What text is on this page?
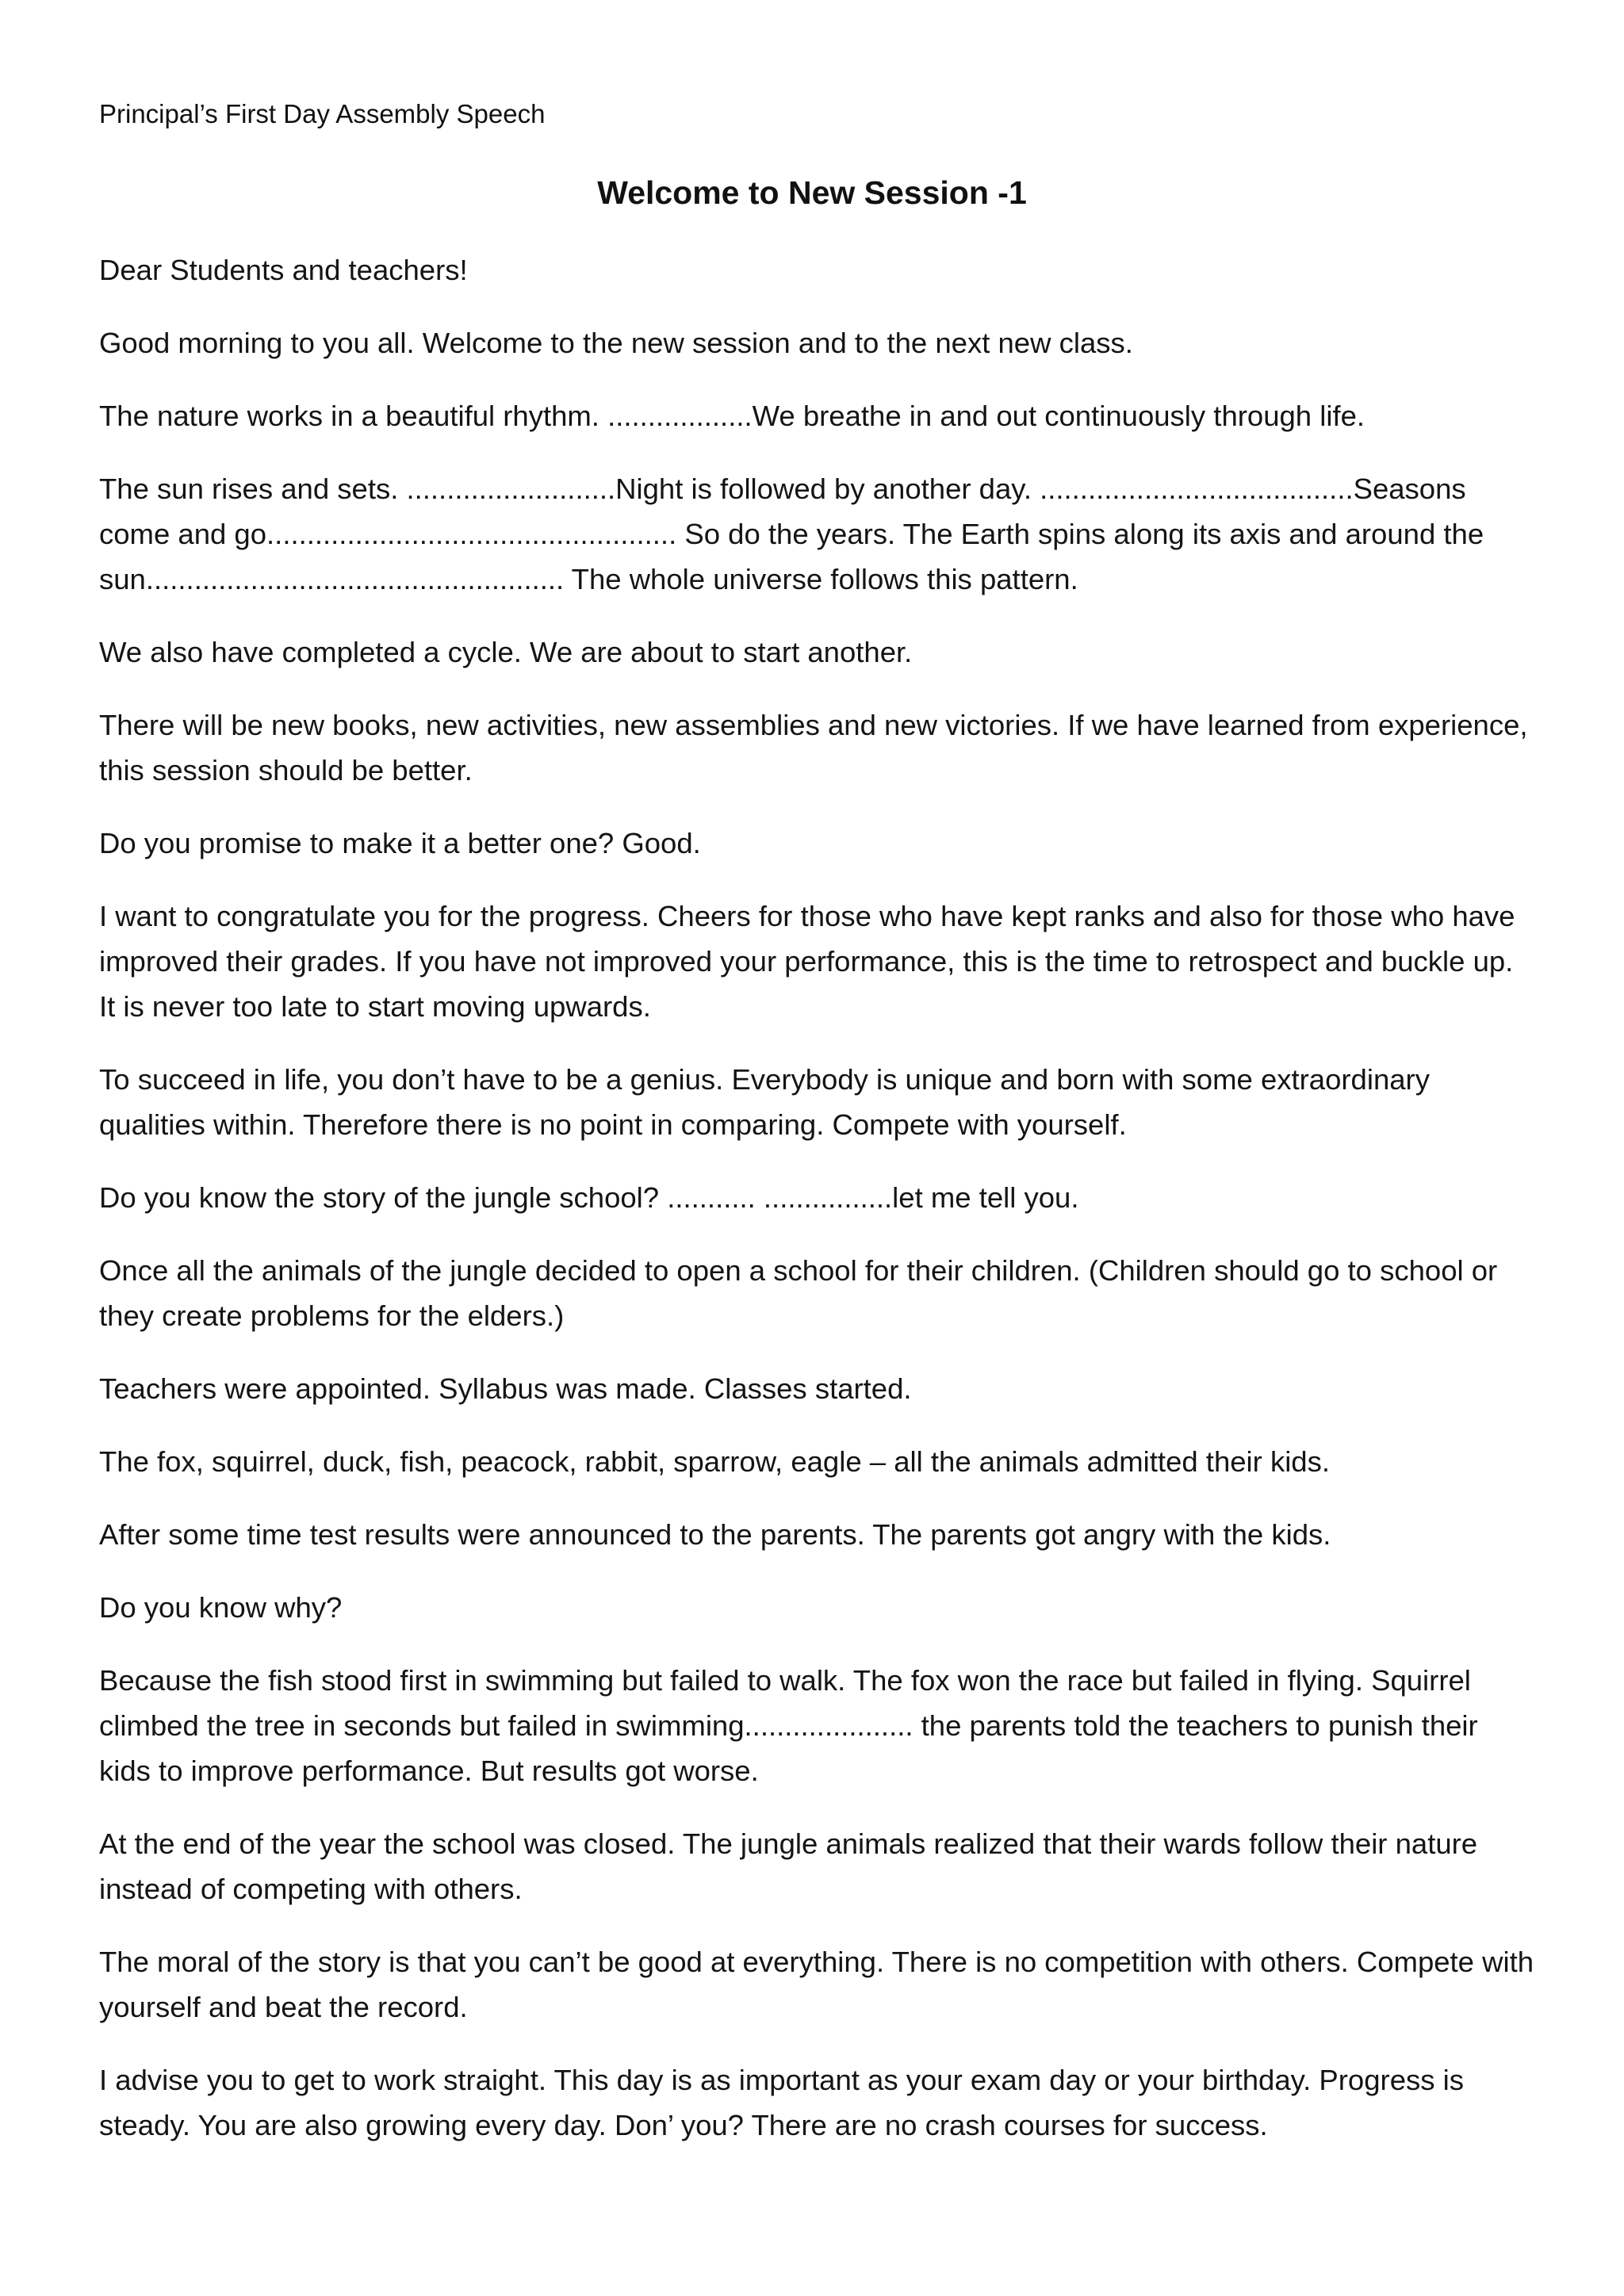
Principal’s First Day Assembly Speech
Welcome to New Session -1

Dear Students and teachers!

Good morning to you all. Welcome to the new session and to the next new class.

The nature works in a beautiful rhythm. ..................We breathe in and out continuously through life.

The sun rises and sets. ..........................Night is followed by another day. .......................................Seasons come and go................................................... So do the years. The Earth spins along its axis and around the sun.................................................... The whole universe follows this pattern.

We also have completed a cycle. We are about to start another.

There will be new books, new activities, new assemblies and new victories. If we have learned from experience, this session should be better.

Do you promise to make it a better one? Good.

I want to congratulate you for the progress. Cheers for those who have kept ranks and also for those who have improved their grades. If you have not improved your performance, this is the time to retrospect and buckle up. It is never too late to start moving upwards.

To succeed in life, you don’t have to be a genius. Everybody is unique and born with some extraordinary qualities within. Therefore there is no point in comparing. Compete with yourself.

Do you know the story of the jungle school? ........... ................let me tell you.

Once all the animals of the jungle decided to open a school for their children. (Children should go to school or they create problems for the elders.)

Teachers were appointed. Syllabus was made. Classes started.

The fox, squirrel, duck, fish, peacock, rabbit, sparrow, eagle – all the animals admitted their kids.

After some time test results were announced to the parents. The parents got angry with the kids.

Do you know why?

Because the fish stood first in swimming but failed to walk. The fox won the race but failed in flying. Squirrel climbed the tree in seconds but failed in swimming..................... the parents told the teachers to punish their kids to improve performance. But results got worse.

At the end of the year the school was closed. The jungle animals realized that their wards follow their nature instead of competing with others.

The moral of the story is that you can’t be good at everything. There is no competition with others. Compete with yourself and beat the record.

I advise you to get to work straight. This day is as important as your exam day or your birthday. Progress is steady. You are also growing every day. Don’ you? There are no crash courses for success.
